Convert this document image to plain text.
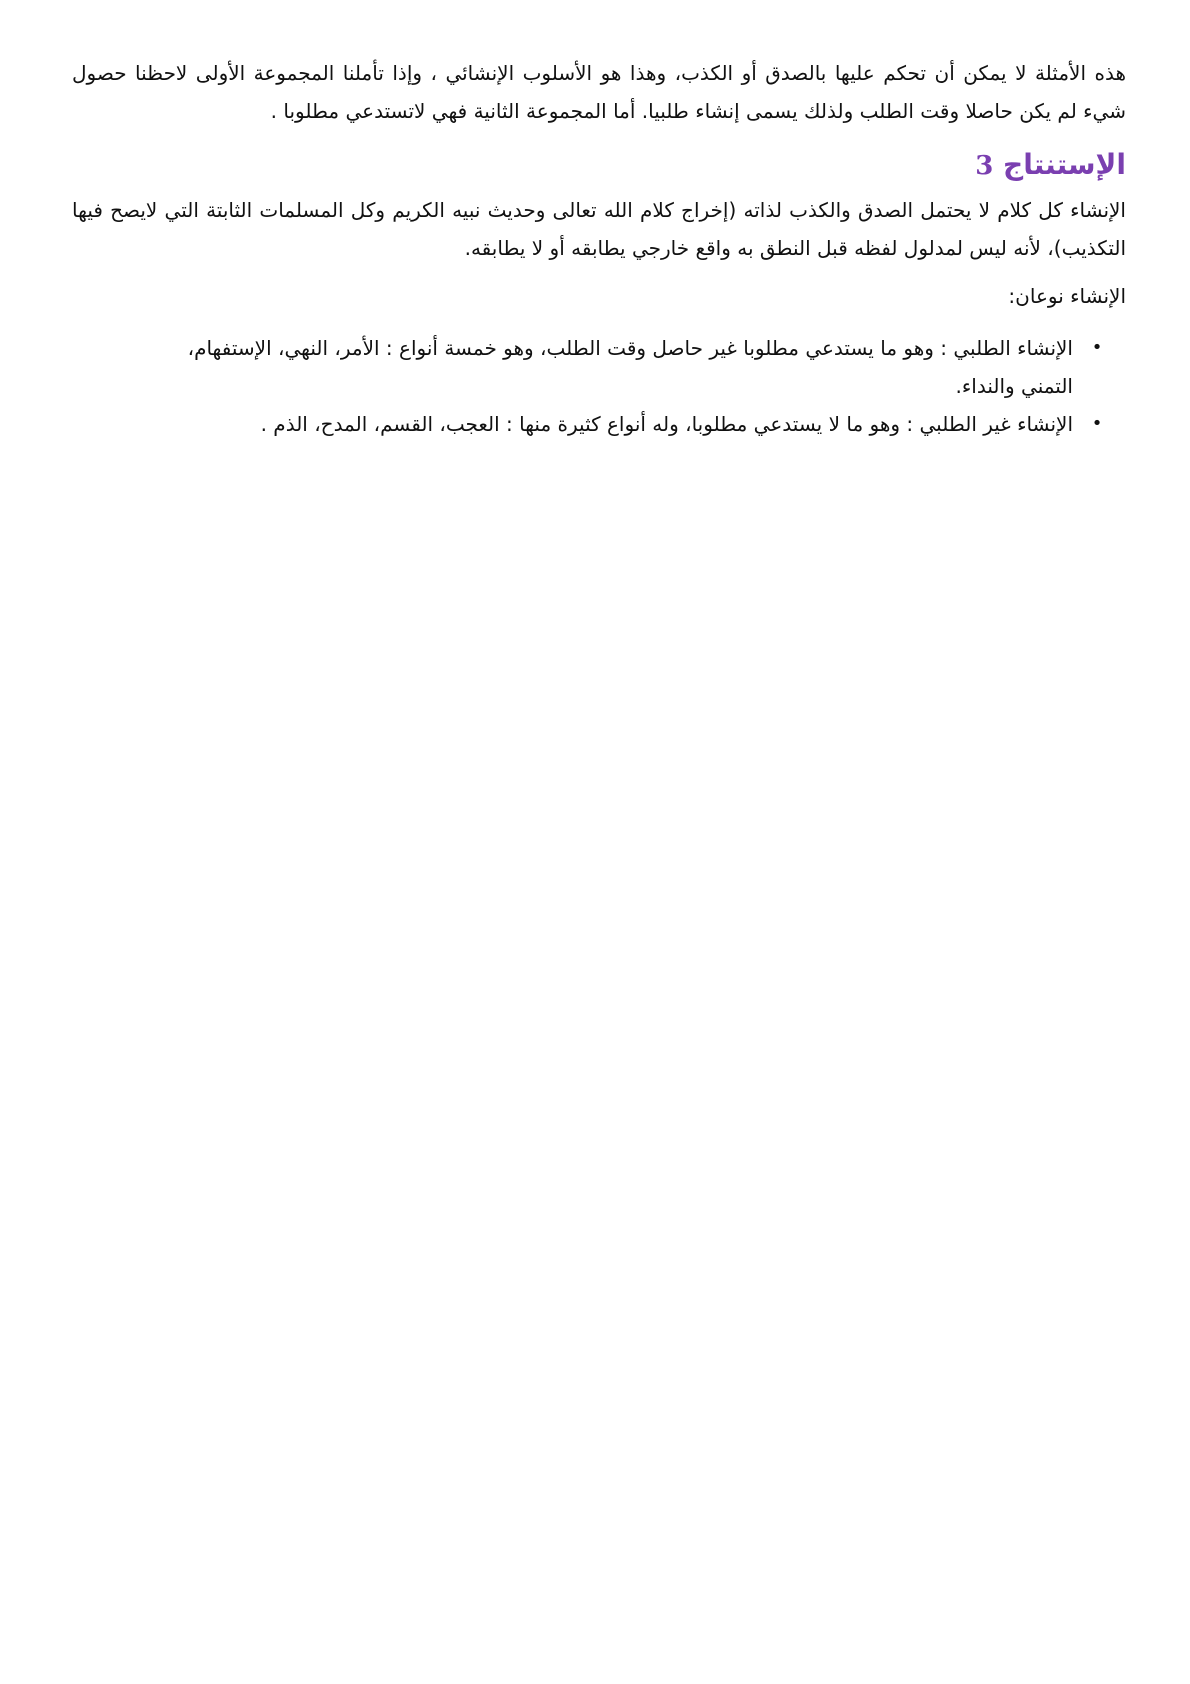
هذه الأمثلة لا يمكن أن تحكم عليها بالصدق أو الكذب، وهذا هو الأسلوب الإنشائي ، وإذا تأملنا المجموعة الأولى لاحظنا حصول شيء لم يكن حاصلا وقت الطلب ولذلك يسمى إنشاء طلبيا. أما المجموعة الثانية فهي لاتستدعي مطلوبا .

الإستنتاج 3

الإنشاء كل كلام لا يحتمل الصدق والكذب لذاته (إخراج كلام الله تعالى وحديث نبيه الكريم وكل المسلمات الثابتة التي لايصح فيها التكذيب)، لأنه ليس لمدلول لفظه قبل النطق به واقع خارجي يطابقه أو لا يطابقه.

الإنشاء نوعان:

•
الإنشاء الطلبي : وهو ما يستدعي مطلوبا غير حاصل وقت الطلب، وهو خمسة أنواع : الأمر، النهي، الإستفهام، التمني والنداء.
•
الإنشاء غير الطلبي : وهو ما لا يستدعي مطلوبا، وله أنواع كثيرة منها : العجب، القسم، المدح، الذم .
